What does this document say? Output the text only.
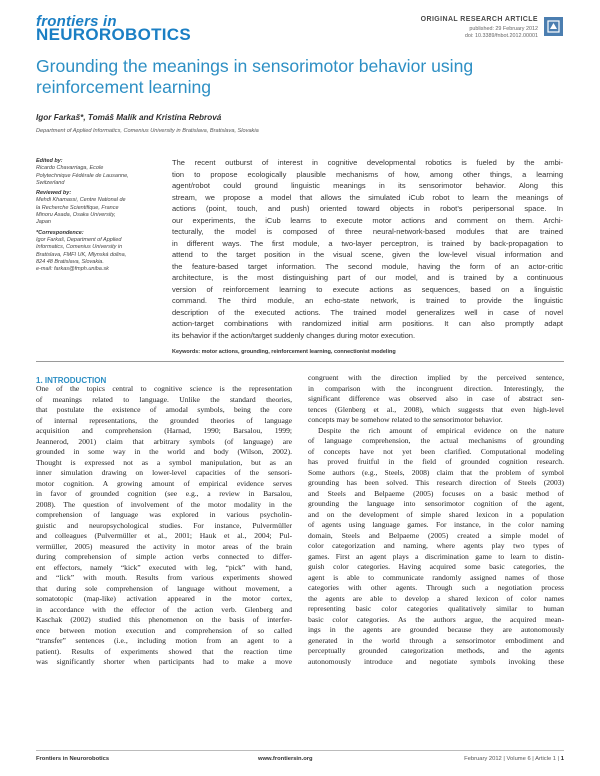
frontiers in
NEUROROBOTICS
ORIGINAL RESEARCH ARTICLE
published: 29 February 2012
doi: 10.3389/fnbot.2012.00001
Grounding the meanings in sensorimotor behavior using reinforcement learning
Igor Farkaš*, Tomáš Malík and Kristína Rebrová
Department of Applied Informatics, Comenius University in Bratislava, Bratislava, Slovakia
Edited by:
Ricardo Chavarriaga, Ecole
Polytechnique Fédérale de Lausanne,
Switzerland
Reviewed by:
Mehdi Khamassi, Centre National de
la Recherche Scientifique, France
Minoru Asada, Osaka University,
Japan
*Correspondence:
Igor Farkaš, Department of Applied
Informatics, Comenius University in
Bratislava, FMFI UK, Mlynská dolina,
824 48 Bratislava, Slovakia.
e-mail: farkas@fmph.uniba.sk
The recent outburst of interest in cognitive developmental robotics is fueled by the ambi-
tion to propose ecologically plausible mechanisms of how, among other things, a learning
agent/robot could ground linguistic meanings in its sensorimotor behavior. Along this
stream, we propose a model that allows the simulated iCub robot to learn the meanings of
actions (point, touch, and push) oriented toward objects in robot’s peripersonal space. In
our experiments, the iCub learns to execute motor actions and comment on them. Archi-
tecturally, the model is composed of three neural-network-based modules that are trained
in different ways. The first module, a two-layer perceptron, is trained by back-propagation to
attend to the target position in the visual scene, given the low-level visual information and
the feature-based target information. The second module, having the form of an actor-critic
architecture, is the most distinguishing part of our model, and is trained by a continuous
version of reinforcement learning to execute actions as sequences, based on a linguistic
command. The third module, an echo-state network, is trained to provide the linguistic
description of the executed actions. The trained model generalizes well in case of novel
action-target combinations with randomized initial arm positions. It can also promptly adapt
its behavior if the action/target suddenly changes during motor execution.
Keywords: motor actions, grounding, reinforcement learning, connectionist modeling
1. INTRODUCTION
One of the topics central to cognitive science is the representation
of meanings related to language. Unlike the standard theories,
that postulate the existence of amodal symbols, being the core
of internal representations, the grounded theories of language
acquisition and comprehension (Harnad, 1990; Barsalou, 1999;
Jeannerod, 2001) claim that arbitrary symbols (of language) are
grounded in some way in the world and body (Wilson, 2002).
Thought is expressed not as a symbol manipulation, but as an
inner simulation drawing on lower-level capacities of the sensori-
motor cognition. A growing amount of empirical evidence serves
in favor of grounded cognition (see e.g., a review in Barsalou,
2008). The question of involvement of the motor modality in the
comprehension of language was explored in various psycholin-
guistic and neuropsychological studies. For instance, Pulvermüller
and colleagues (Pulvermüller et al., 2001; Hauk et al., 2004; Pul-
vermüller, 2005) measured the activity in motor areas of the brain
during comprehension of simple action verbs connected to differ-
ent effectors, namely “kick” executed with leg, “pick” with hand,
and “lick” with mouth. Results from various experiments showed
that during sole comprehension of language without movement, a
somatotopic (map-like) activation appeared in the motor cortex,
in accordance with the effector of the action verb. Glenberg and
Kaschak (2002) studied this phenomenon on the basis of interfer-
ence between motion execution and comprehension of so called
“transfer” sentences (i.e., including motion from an agent to a
patient). Results of experiments showed that the reaction time
was significantly shorter when participants had to make a move
congruent with the direction implied by the perceived sentence,
in comparison with the incongruent direction. Interestingly, the
significant difference was observed also in case of abstract sen-
tences (Glenberg et al., 2008), which suggests that even high-level
concepts may be somehow related to the sensorimotor behavior.
Despite the rich amount of empirical evidence on the nature
of language comprehension, the actual mechanisms of grounding
of concepts have not yet been clarified. Computational modeling
has proved fruitful in the field of grounded cognition research.
Some authors (e.g., Steels, 2008) claim that the problem of symbol
grounding has been solved. This research direction of Steels (2003)
and Steels and Belpaeme (2005) focuses on a basic method of
grounding the language into sensorimotor cognition of the agent,
and on the development of simple shared lexicon in a population
of agents using language games. For instance, in the color naming
domain, Steels and Belpaeme (2005) created a simple model of
color categorization and naming, where agents play two types of
games. First an agent plays a discrimination game to learn to distin-
guish color categories. Having acquired some basic categories, the
agent is able to communicate randomly assigned names of those
categories with other agents. Through such a negotiation process
the agents are able to develop a shared lexicon of color names
representing basic color categories qualitatively similar to human
basic color categories. As the authors argue, the acquired mean-
ings in the agents are grounded because they are autonomously
generated in the world through a sensorimotor embodiment and
perceptually grounded categorization methods, and the agents
autonomously introduce and negotiate symbols invoking these
Frontiers in Neurorobotics	www.frontiersin.org	February 2012 | Volume 6 | Article 1 | 1
